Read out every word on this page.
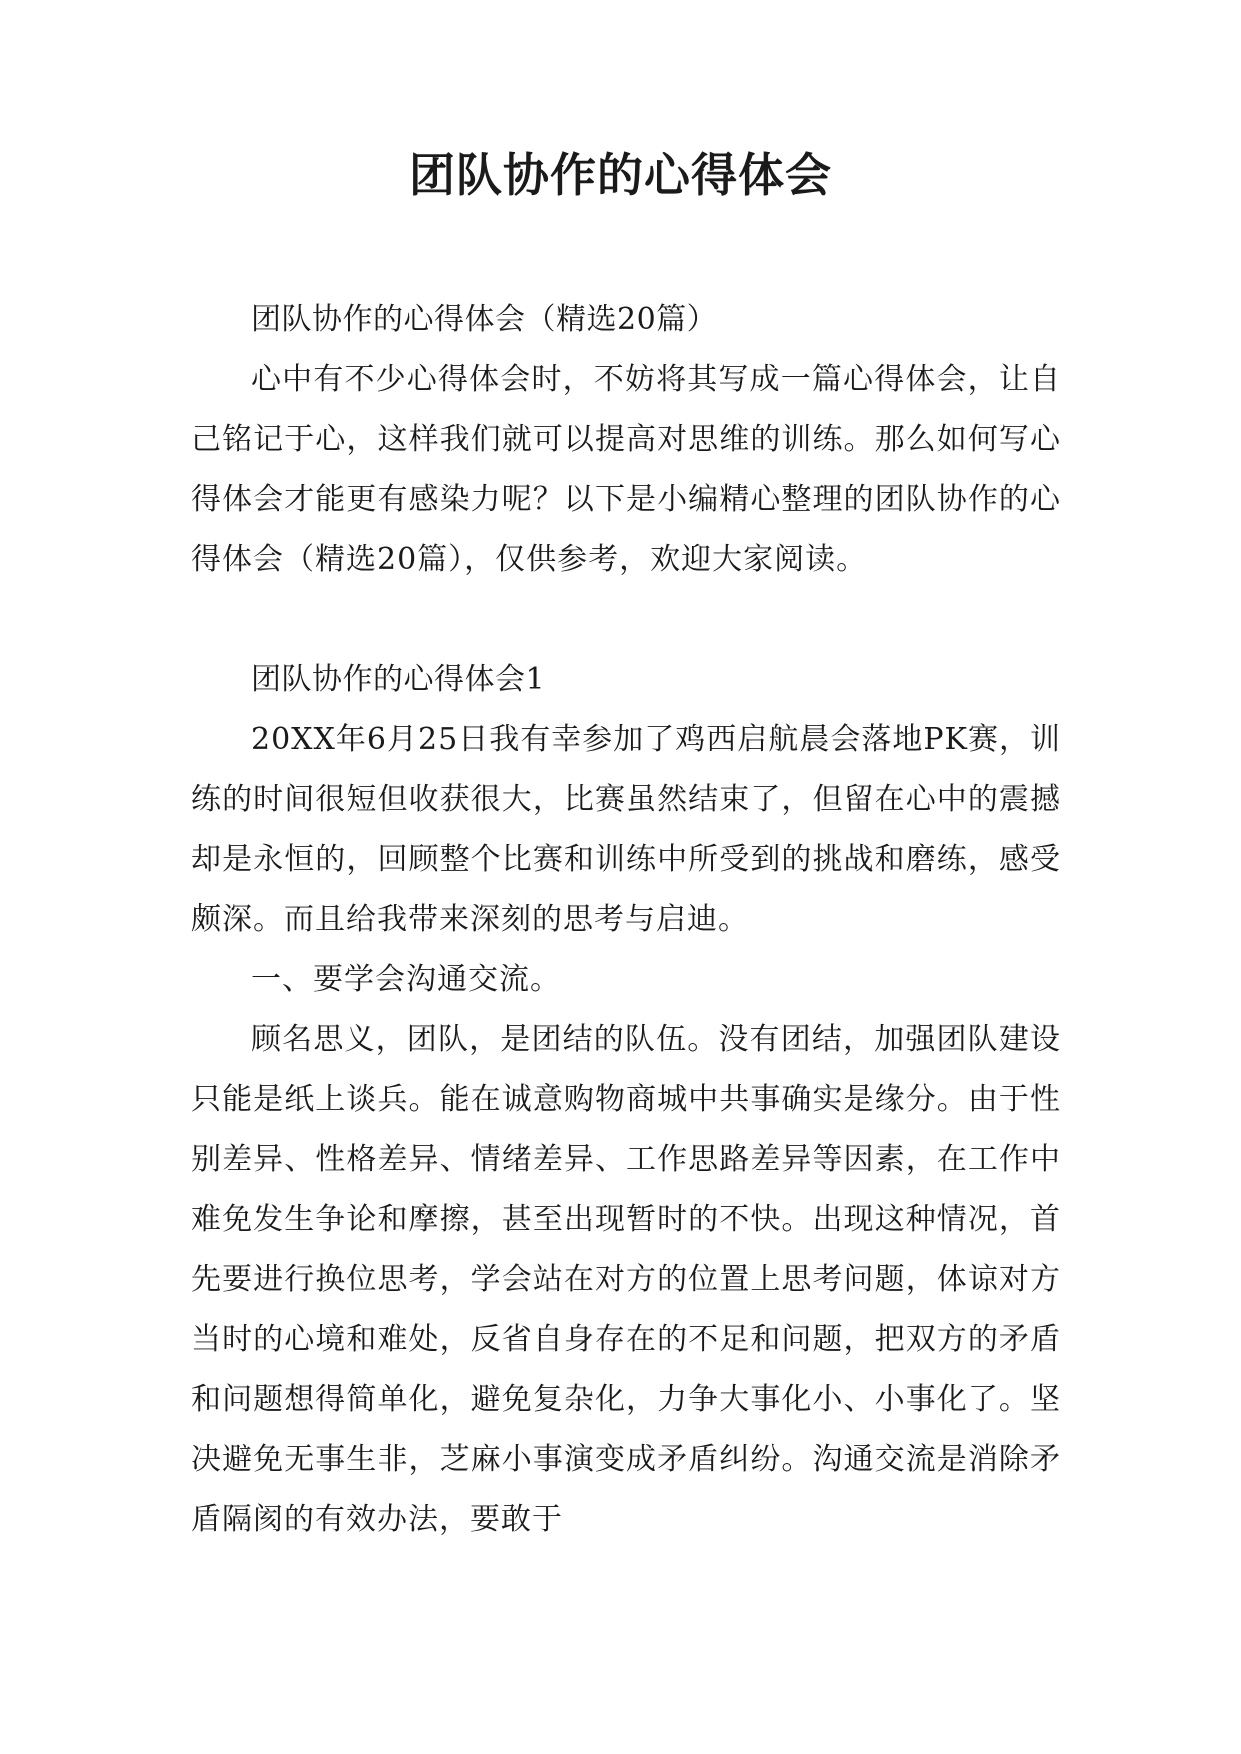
团队协作的心得体会

团队协作的心得体会（精选20篇）

心中有不少心得体会时，不妨将其写成一篇心得体会，让自己铭记于心，这样我们就可以提高对思维的训练。那么如何写心得体会才能更有感染力呢？以下是小编精心整理的团队协作的心得体会（精选20篇），仅供参考，欢迎大家阅读。

团队协作的心得体会1

20XX年6月25日我有幸参加了鸡西启航晨会落地PK赛，训练的时间很短但收获很大，比赛虽然结束了，但留在心中的震撼却是永恒的，回顾整个比赛和训练中所受到的挑战和磨练，感受颇深。而且给我带来深刻的思考与启迪。

一、要学会沟通交流。

顾名思义，团队，是团结的队伍。没有团结，加强团队建设只能是纸上谈兵。能在诚意购物商城中共事确实是缘分。由于性别差异、性格差异、情绪差异、工作思路差异等因素，在工作中难免发生争论和摩擦，甚至出现暂时的不快。出现这种情况，首先要进行换位思考，学会站在对方的位置上思考问题，体谅对方当时的心境和难处，反省自身存在的不足和问题，把双方的矛盾和问题想得简单化，避免复杂化，力争大事化小、小事化了。坚决避免无事生非，芝麻小事演变成矛盾纠纷。沟通交流是消除矛盾隔阂的有效办法，要敢于
